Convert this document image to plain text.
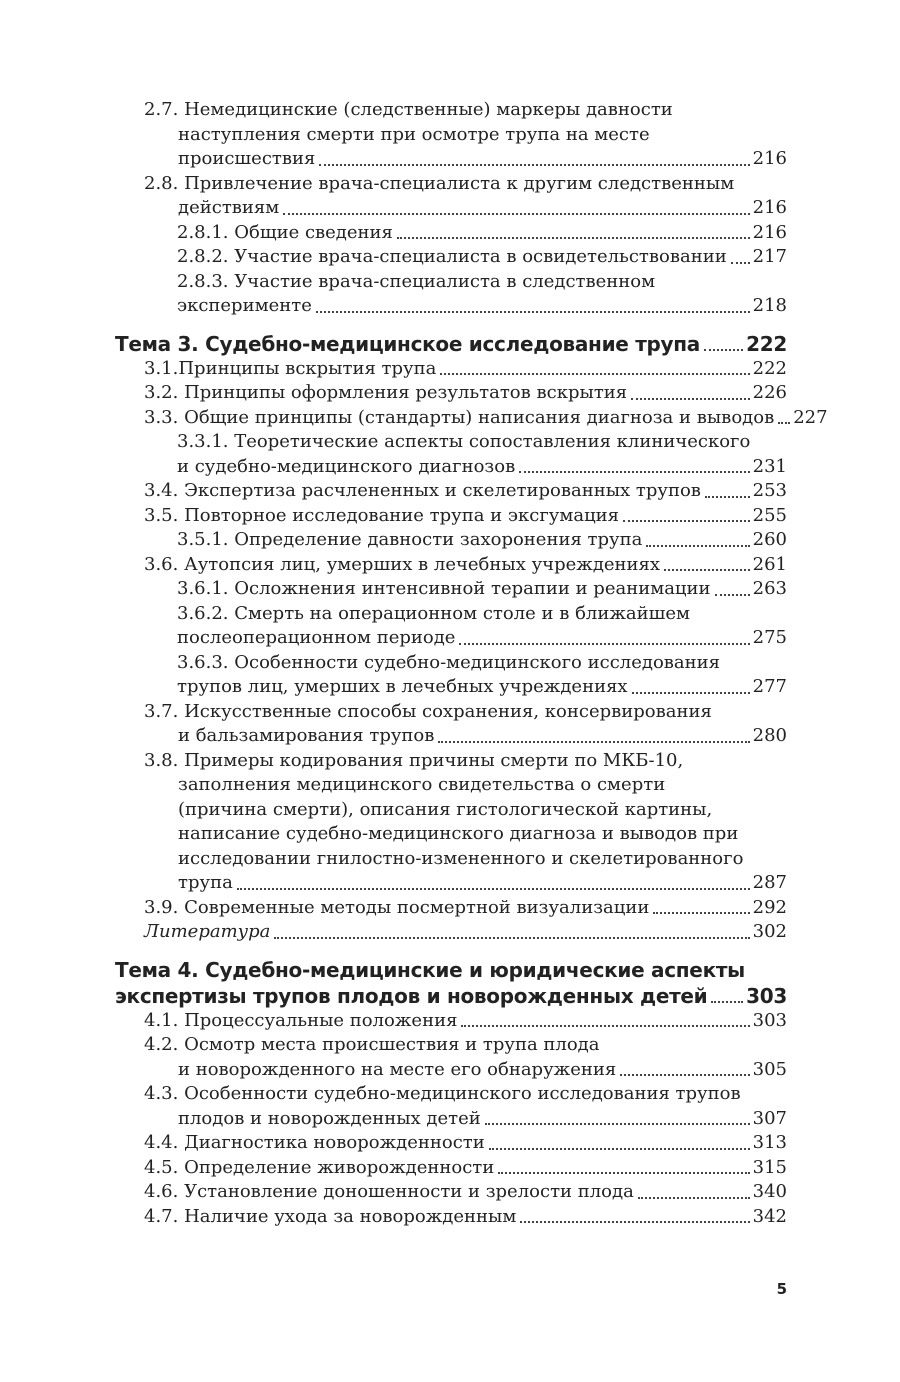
2.7. Немедицинские (следственные) маркеры давности
наступления смерти при осмотре трупа на месте
происшествия	216
2.8. Привлечение врача-специалиста к другим следственным
действиям	216
2.8.1. Общие сведения	216
2.8.2. Участие врача-специалиста в освидетельствовании 217
2.8.3. Участие врача-специалиста в следственном
эксперименте	218
Тема 3. Судебно-медицинское исследование трупа 222
3.1.Принципы вскрытия трупа	222
3.2. Принципы оформления результатов вскрытия	226
3.3. Общие принципы (стандарты) написания диагноза и выводов 227
3.3.1. Теоретические аспекты сопоставления клинического
и судебно-медицинского диагнозов	231
3.4. Экспертиза расчлененных и скелетированных трупов	253
3.5. Повторное исследование трупа и эксгумация	255
3.5.1. Определение давности захоронения трупа	260
3.6. Аутопсия лиц, умерших в лечебных учреждениях	261
3.6.1. Осложнения интенсивной терапии и реанимации 263
3.6.2. Смерть на операционном столе и в ближайшем
послеоперационном периоде	275
3.6.3. Особенности судебно-медицинского исследования
трупов лиц, умерших в лечебных учреждениях	277
3.7. Искусственные способы сохранения, консервирования
и бальзамирования трупов	280
3.8. Примеры кодирования причины смерти по МКБ-10,
заполнения медицинского свидетельства о смерти
(причина смерти), описания гистологической картины,
написание судебно-медицинского диагноза и выводов при
исследовании гнилостно-измененного и скелетированного
трупа	287
3.9. Современные методы посмертной визуализации	292
Литература	302
Тема 4. Судебно-медицинские и юридические аспекты
экспертизы трупов плодов и новорожденных детей 303
4.1. Процессуальные положения	303
4.2. Осмотр места происшествия и трупа плода
и новорожденного на месте его обнаружения	305
4.3. Особенности судебно-медицинского исследования трупов
плодов и новорожденных детей	307
4.4. Диагностика новорожденности	313
4.5. Определение живорожденности	315
4.6. Установление доношенности и зрелости плода	340
4.7. Наличие ухода за новорожденным	342
5
